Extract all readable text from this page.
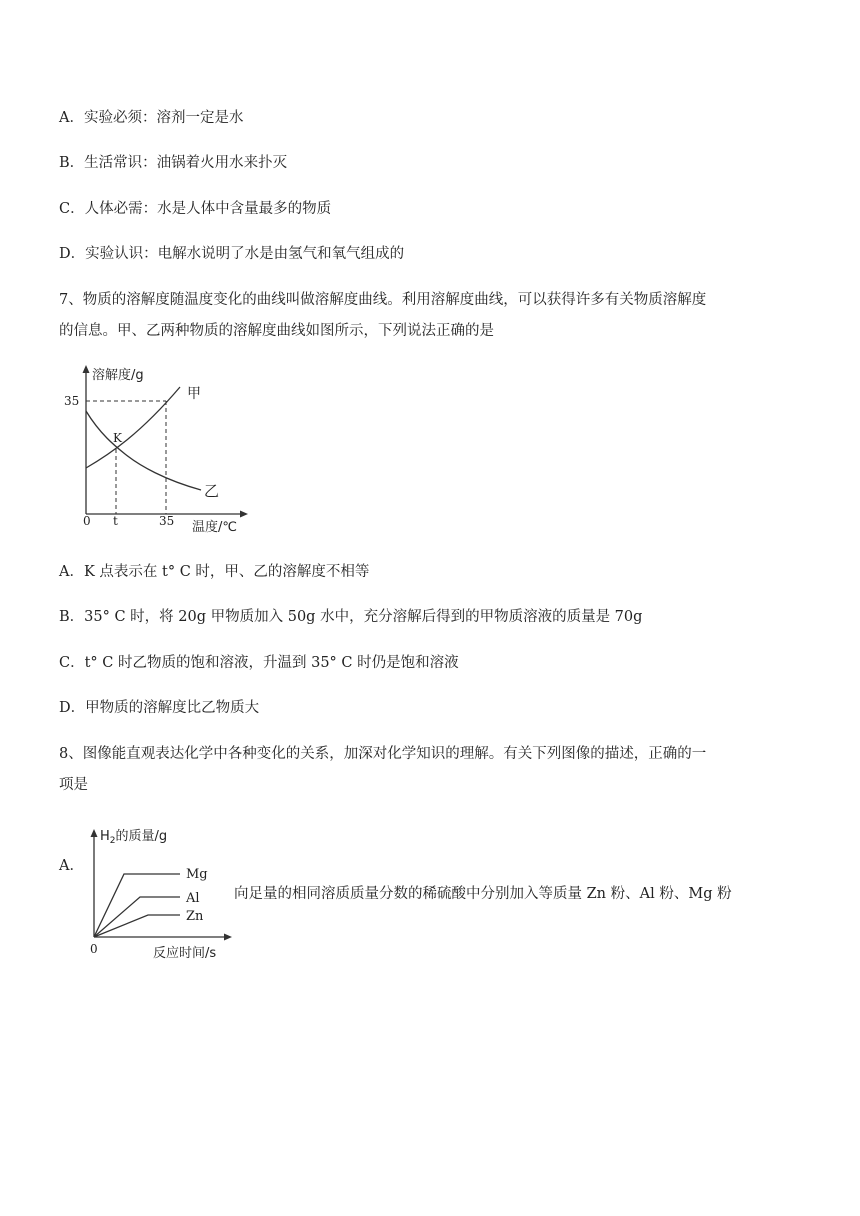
A．实验必须：溶剂一定是水
B．生活常识：油锅着火用水来扑灭
C．人体必需：水是人体中含量最多的物质
D．实验认识：电解水说明了水是由氢气和氧气组成的
7、物质的溶解度随温度变化的曲线叫做溶解度曲线。利用溶解度曲线，可以获得许多有关物质溶解度
的信息。甲、乙两种物质的溶解度曲线如图所示，下列说法正确的是
溶解度/g
35	甲
K
乙
0 t	35 温度/℃
A．K 点表示在 t° C 时，甲、乙的溶解度不相等
B．35° C 时，将 20g 甲物质加入 50g 水中，充分溶解后得到的甲物质溶液的质量是 70g
C．t° C 时乙物质的饱和溶液，升温到 35° C 时仍是饱和溶液
D．甲物质的溶解度比乙物质大
8、图像能直观表达化学中各种变化的关系，加深对化学知识的理解。有关下列图像的描述，正确的一
项是
A．
$H_2$的质量/g
Mg
Al
Zn
0	反应时间/s
向足量的相同溶质质量分数的稀硫酸中分别加入等质量 Zn 粉、Al 粉、Mg 粉
